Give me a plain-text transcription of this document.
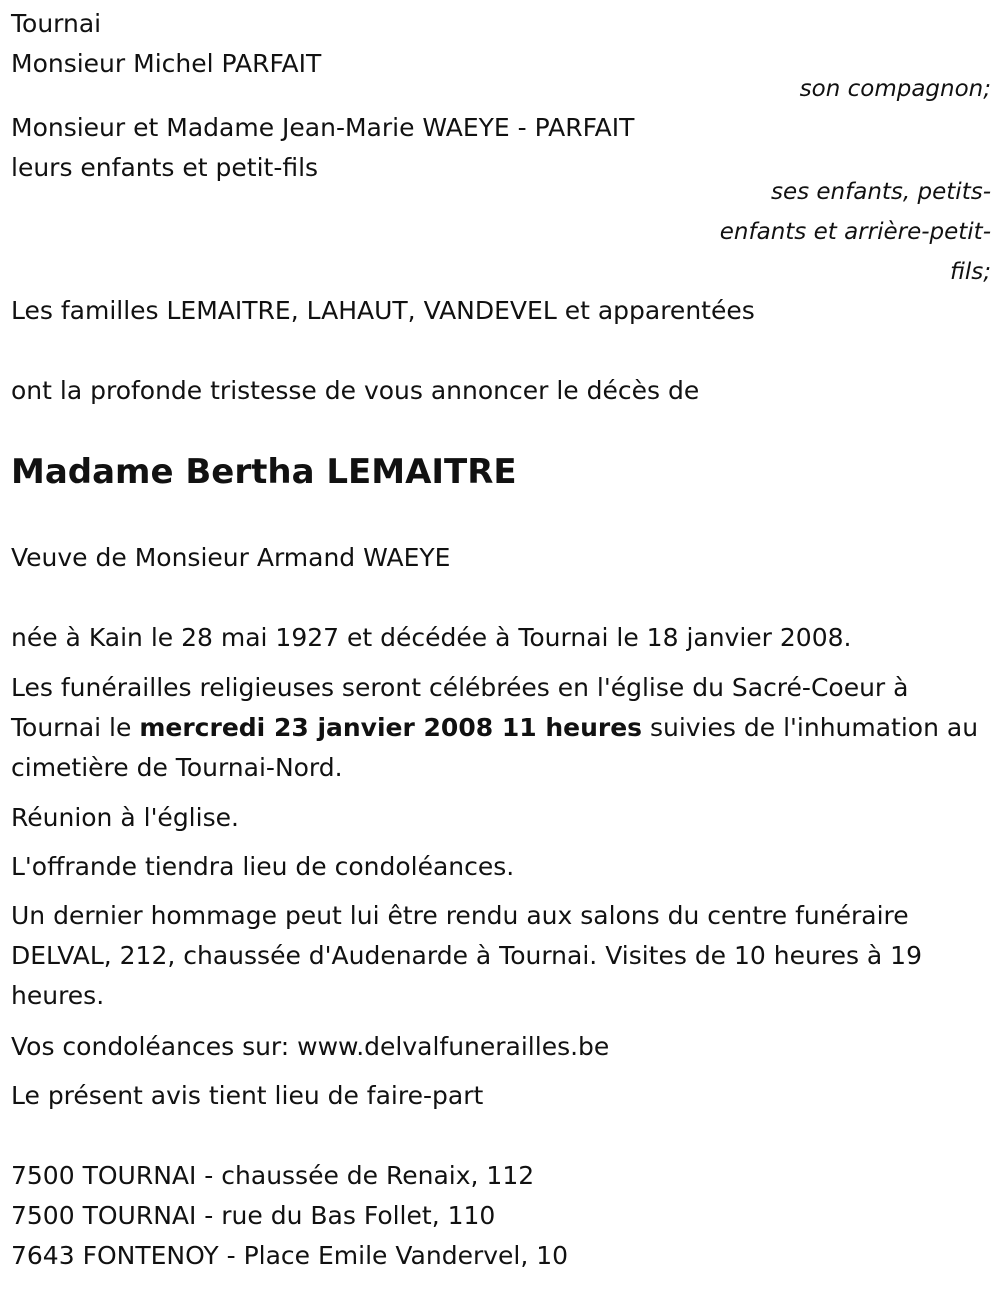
Tournai
Monsieur Michel PARFAIT
son compagnon;
Monsieur et Madame Jean-Marie WAEYE - PARFAIT
leurs enfants et petit-fils
ses enfants, petits-enfants et arrière-petit-fils;
Les familles LEMAITRE, LAHAUT, VANDEVEL et apparentées
ont la profonde tristesse de vous annoncer le décès de
Madame Bertha LEMAITRE
Veuve de Monsieur Armand WAEYE
née à Kain le 28 mai 1927 et décédée à Tournai le 18 janvier 2008.

Les funérailles religieuses seront célébrées en l'église du Sacré-Coeur à Tournai le mercredi 23 janvier 2008 11 heures suivies de l'inhumation au cimetière de Tournai-Nord.

Réunion à l'église.
L'offrande tiendra lieu de condoléances.

Un dernier hommage peut lui être rendu aux salons du centre funéraire DELVAL, 212, chaussée d'Audenarde à Tournai. Visites de 10 heures à 19 heures.

Vos condoléances sur: www.delvalfunerailles.be
Le présent avis tient lieu de faire-part
7500 TOURNAI - chaussée de Renaix, 112
7500 TOURNAI - rue du Bas Follet, 110
7643 FONTENOY - Place Emile Vandervel, 10
